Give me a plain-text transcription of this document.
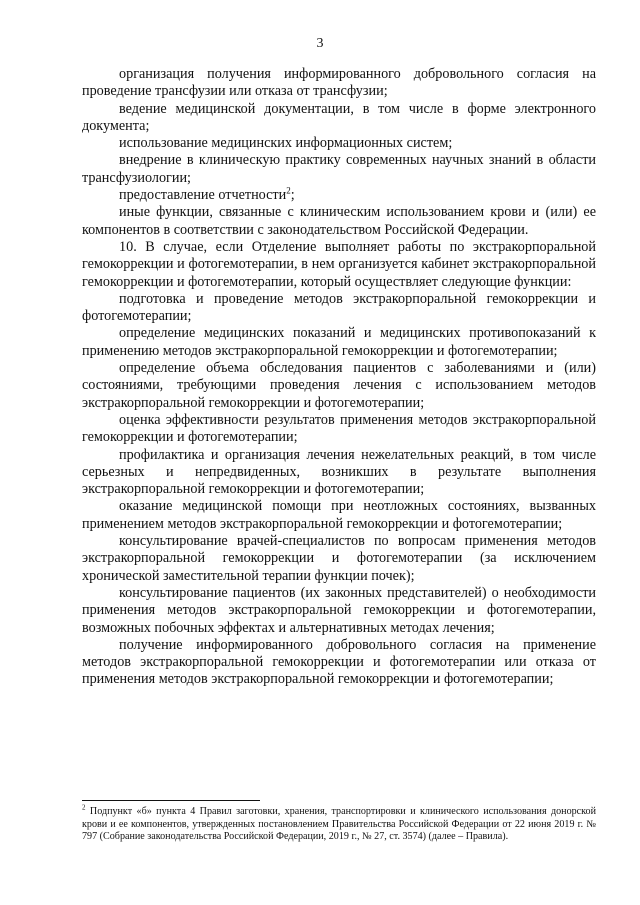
3

организация получения информированного добровольного согласия на проведение трансфузии или отказа от трансфузии;

ведение медицинской документации, в том числе в форме электронного документа;

использование медицинских информационных систем;

внедрение в клиническую практику современных научных знаний в области трансфузиологии;

предоставление отчетности$^2$;

иные функции, связанные с клиническим использованием крови и (или) ее компонентов в соответствии с законодательством Российской Федерации.

10. В случае, если Отделение выполняет работы по экстракорпоральной гемокоррекции и фотогемотерапии, в нем организуется кабинет экстракорпоральной гемокоррекции и фотогемотерапии, который осуществляет следующие функции:

подготовка и проведение методов экстракорпоральной гемокоррекции и фотогемотерапии;

определение медицинских показаний и медицинских противопоказаний к применению методов экстракорпоральной гемокоррекции и фотогемотерапии;

определение объема обследования пациентов с заболеваниями и (или) состояниями, требующими проведения лечения с использованием методов экстракорпоральной гемокоррекции и фотогемотерапии;

оценка эффективности результатов применения методов экстракорпоральной гемокоррекции и фотогемотерапии;

профилактика и организация лечения нежелательных реакций, в том числе серьезных и непредвиденных, возникших в результате выполнения экстракорпоральной гемокоррекции и фотогемотерапии;

оказание медицинской помощи при неотложных состояниях, вызванных применением методов экстракорпоральной гемокоррекции и фотогемотерапии;

консультирование врачей-специалистов по вопросам применения методов экстракорпоральной гемокоррекции и фотогемотерапии (за исключением хронической заместительной терапии функции почек);

консультирование пациентов (их законных представителей) о необходимости применения методов экстракорпоральной гемокоррекции и фотогемотерапии, возможных побочных эффектах и альтернативных методах лечения;

получение информированного добровольного согласия на применение методов экстракорпоральной гемокоррекции и фотогемотерапии или отказа от применения методов экстракорпоральной гемокоррекции и фотогемотерапии;

$^2$ Подпункт «б» пункта 4 Правил заготовки, хранения, транспортировки и клинического использования донорской крови и ее компонентов, утвержденных постановлением Правительства Российской Федерации от 22 июня 2019 г. № 797 (Собрание законодательства Российской Федерации, 2019 г., № 27, ст. 3574) (далее – Правила).
